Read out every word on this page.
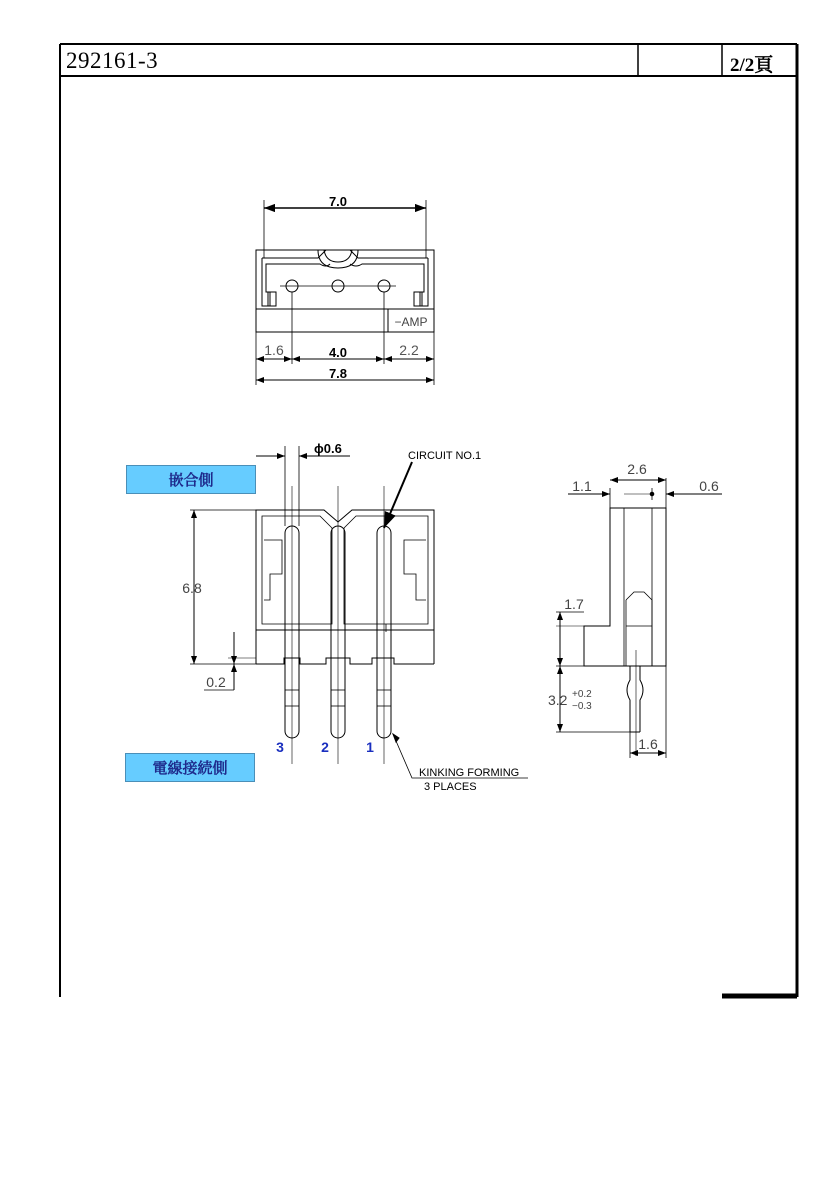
292161-3	2/2頁
7.0
1.6	4.0	2.2
7.8
−AMP
ϕ0.6	CIRCUIT NO.1
6.8
0.2
3	2	1
KINKING FORMING
3 PLACES
2.6
1.1	0.6
1.7
3.2 +0.2
−0.3
1.6
嵌合側
電線接続側
